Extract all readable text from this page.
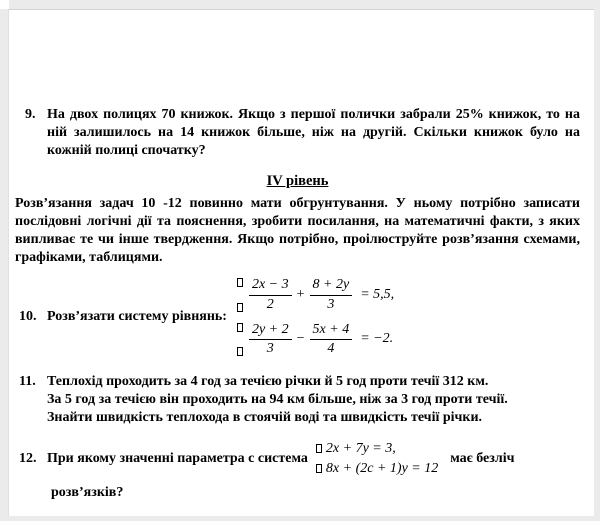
9. На двох полицях 70 книжок. Якщо з першої полички забрали 25% книжок, то на ній залишилось на 14 книжок більше, ніж на другій. Скільки книжок було на кожній полиці спочатку?
IV рівень
Розв’язання задач 10 -12 повинно мати обгрунтування. У ньому потрібно записати послідовні логічні дії та пояснення, зробити посилання, на математичні факти, з яких випливає те чи інше твердження. Якщо потрібно, проілюструйте розв’язання схемами, графіками, таблицями.
10. Розв’язати систему рівнянь:
$\frac{2x - 3}{2} + \frac{8 + 2y}{3} = 5,5$,
$\frac{2y + 2}{3} - \frac{5x + 4}{4} = -2$.
11. Теплохід проходить за 4 год за течією річки й 5 год проти течії 312 км.
За 5 год за течією він проходить на 94 км більше, ніж за 3 год проти течії.
Знайти швидкість теплохода в стоячій воді та швидкість течії річки.
12. При якому значенні параметра с система
2x + 7y = 3,
8x + (2c + 1)y = 12
має безліч
розв’язків?
